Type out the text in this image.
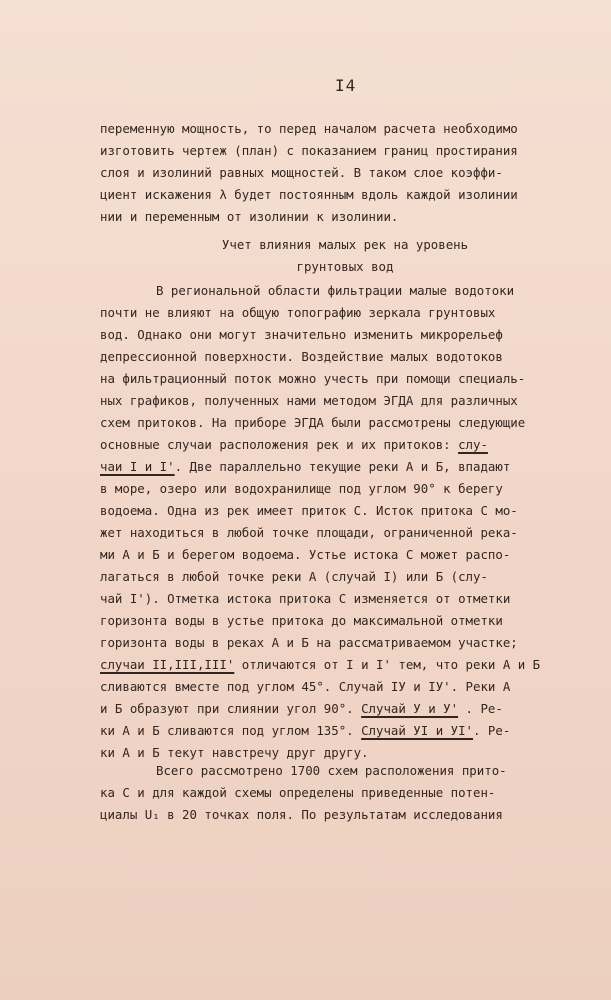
I4
переменную мощность, то перед началом расчета необходимо
изготовить чертеж (план) с показанием границ простирания
слоя и изолиний равных мощностей. В таком слое коэффи-
циент искажения λ будет постоянным вдоль каждой изолинии
нии и переменным от изолинии к изолинии.
Учет влияния малых рек на уровень
грунтовых вод
В региональной области фильтрации малые водотоки
почти не влияют на общую топографию зеркала грунтовых
вод. Однако они могут значительно изменить микрорельеф
депрессионной поверхности. Воздействие малых водотоков
на фильтрационный поток можно учесть при помощи специаль-
ных графиков, полученных нами методом ЭГДА для различных
схем притоков. На приборе ЭГДА были рассмотрены следующие
основные случаи расположения рек и их притоков: слу-
чаи I и I'. Две параллельно текущие реки А и Б, впадают
в море, озеро или водохранилище под углом 90° к берегу
водоема. Одна из рек имеет приток С. Исток притока С мо-
жет находиться в любой точке площади, ограниченной река-
ми А и Б и берегом водоема. Устье истока С может распо-
лагаться в любой точке реки А (случай I) или Б (слу-
чай I'). Отметка истока притока С изменяется от отметки
горизонта воды в устье притока до максимальной отметки
горизонта воды в реках А и Б на рассматриваемом участке;
случаи II,III,III' отличаются от I и I' тем, что реки А и Б
сливаются вместе под углом 45°. Случай IУ и IУ'. Реки А
и Б образуют при слиянии угол 90°. Случай У и У' . Ре-
ки А и Б сливаются под углом 135°. Случай УI и УI'. Ре-
ки А и Б текут навстречу друг другу.
Всего рассмотрено 1700 схем расположения прито-
ка С и для каждой схемы определены приведенные потен-
циалы U₁ в 20 точках поля. По результатам исследования
